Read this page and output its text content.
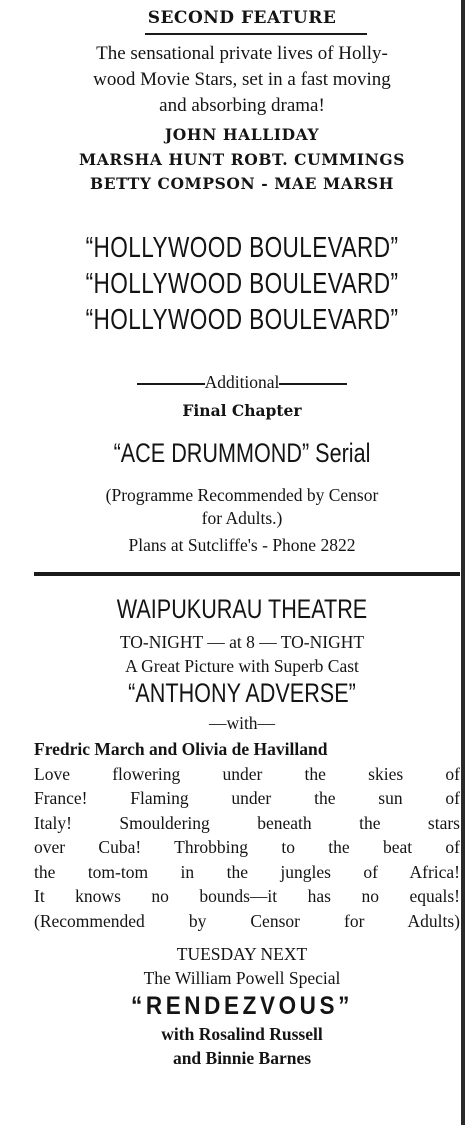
SECOND FEATURE
The sensational private lives of Holly-
wood Movie Stars, set in a fast moving
and absorbing drama!
JOHN HALLIDAY
MARSHA HUNT ROBT. CUMMINGS
BETTY COMPSON - MAE MARSH
“HOLLYWOOD BOULEVARD”
“HOLLYWOOD BOULEVARD”
“HOLLYWOOD BOULEVARD”
Additional
Final Chapter
“ACE DRUMMOND” Serial
(Programme Recommended by Censor
for Adults.)
Plans at Sutcliffe's - Phone 2822
WAIPUKURAU THEATRE
TO-NIGHT — at 8 — TO-NIGHT
A Great Picture with Superb Cast
“ANTHONY ADVERSE”
—with—
Fredric March and Olivia de Havilland
Love flowering under the skies of
France! Flaming under the sun of
Italy! Smouldering beneath the stars
over Cuba! Throbbing to the beat of
the tom-tom in the jungles of Africa!
It knows no bounds—it has no equals!
(Recommended by Censor for Adults)
TUESDAY NEXT
The William Powell Special
“RENDEZVOUS”
with Rosalind Russell
and Binnie Barnes
